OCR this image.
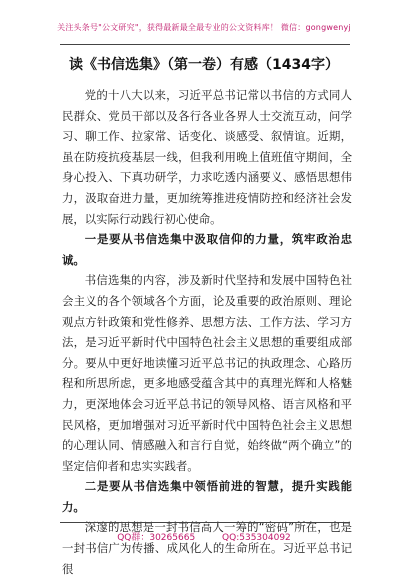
关注头条号"公文研究"，获得最新最全最专业的公文资料库！ 微信：gongwenyj
读《书信选集》（第一卷）有感（1434字）

党的十八大以来，习近平总书记常以书信的方式同人民群众、党员干部以及各行各业各界人士交流互动，问学习、聊工作、拉家常、话变化、谈感受、叙情谊。近期，虽在防疫抗疫基层一线，但我利用晚上值班值守期间，全身心投入、下真功研学，力求吃透内涵要义、感悟思想伟力，汲取奋进力量，更加统筹推进疫情防控和经济社会发展，以实际行动践行初心使命。

一是要从书信选集中汲取信仰的力量，筑牢政治忠诚。

书信选集的内容，涉及新时代坚持和发展中国特色社会主义的各个领域各个方面，论及重要的政治原则、理论观点方针政策和党性修养、思想方法、工作方法、学习方法，是习近平新时代中国特色社会主义思想的重要组成部分。要从中更好地读懂习近平总书记的执政理念、心路历程和所思所虑，更多地感受蕴含其中的真理光辉和人格魅力，更深地体会习近平总书记的领导风格、语言风格和平民风格，更加增强对习近平新时代中国特色社会主义思想的心理认同、情感融入和言行自觉，始终做“两个确立”的坚定信仰者和忠实实践者。

二是要从书信选集中领悟前进的智慧，提升实践能力。

深邃的思想是一封书信高人一筹的“密码”所在，也是一封书信广为传播、成风化人的生命所在。习近平总书记很

QQ群：30265665	QQ:535304092
